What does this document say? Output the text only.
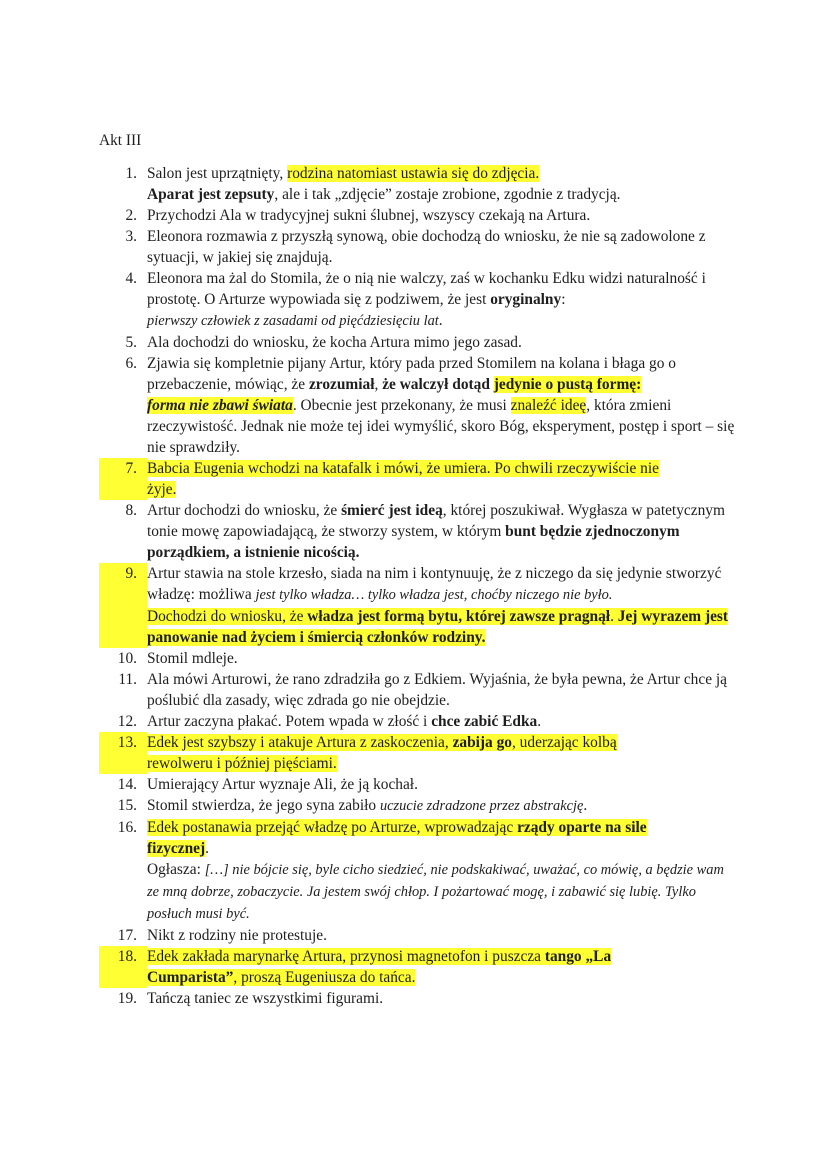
Akt III
1. Salon jest uprzątnięty, rodzina natomiast ustawia się do zdjęcia.
Aparat jest zepsuty, ale i tak „zdjęcie” zostaje zrobione, zgodnie z tradycją.
2. Przychodzi Ala w tradycyjnej sukni ślubnej, wszyscy czekają na Artura.
3. Eleonora rozmawia z przyszłą synową, obie dochodzą do wniosku, że nie są zadowolone z sytuacji, w jakiej się znajdują.
4. Eleonora ma żal do Stomila, że o nią nie walczy, zaś w kochanku Edku widzi naturalność i prostotę. O Arturze wypowiada się z podziwem, że jest oryginalny:
pierwszy człowiek z zasadami od pięćdziesięciu lat.
5. Ala dochodzi do wniosku, że kocha Artura mimo jego zasad.
6. Zjawia się kompletnie pijany Artur, który pada przed Stomilem na kolana i błaga go o przebaczenie, mówiąc, że zrozumiał, że walczył dotąd jedynie o pustą formę:
forma nie zbawi świata. Obecnie jest przekonany, że musi znaleźć ideę, która zmieni rzeczywistość. Jednak nie może tej idei wymyślić, skoro Bóg, eksperyment, postęp i sport – się nie sprawdziły.
7. Babcia Eugenia wchodzi na katafalk i mówi, że umiera. Po chwili rzeczywiście nie
żyje.
8. Artur dochodzi do wniosku, że śmierć jest ideą, której poszukiwał. Wygłasza w patetycznym tonie mowę zapowiadającą, że stworzy system, w którym bunt będzie zjednoczonym porządkiem, a istnienie nicością.
9. Artur stawia na stole krzesło, siada na nim i kontynuuję, że z niczego da się jedynie stworzyć władzę: możliwa jest tylko władza… tylko władza jest, choćby niczego nie było.
Dochodzi do wniosku, że władza jest formą bytu, której zawsze pragnął. Jej wyrazem jest panowanie nad życiem i śmiercią członków rodziny.
10. Stomil mdleje.
11. Ala mówi Arturowi, że rano zdradziła go z Edkiem. Wyjaśnia, że była pewna, że Artur chce ją poślubić dla zasady, więc zdrada go nie obejdzie.
12. Artur zaczyna płakać. Potem wpada w złość i chce zabić Edka.
13. Edek jest szybszy i atakuje Artura z zaskoczenia, zabija go, uderzając kolbą
rewolweru i później pięściami.
14. Umierający Artur wyznaje Ali, że ją kochał.
15. Stomil stwierdza, że jego syna zabiło uczucie zdradzone przez abstrakcję.
16. Edek postanawia przejąć władzę po Arturze, wprowadzając rządy oparte na sile
fizycznej.
Ogłasza: […] nie bójcie się, byle cicho siedzieć, nie podskakiwać, uważać, co mówię, a będzie wam ze mną dobrze, zobaczycie. Ja jestem swój chłop. I pożartować mogę, i zabawić się lubię. Tylko posłuch musi być.
17. Nikt z rodziny nie protestuje.
18. Edek zakłada marynarkę Artura, przynosi magnetofon i puszcza tango „La
Cumparista”, proszą Eugeniusza do tańca.
19. Tańczą taniec ze wszystkimi figurami.
